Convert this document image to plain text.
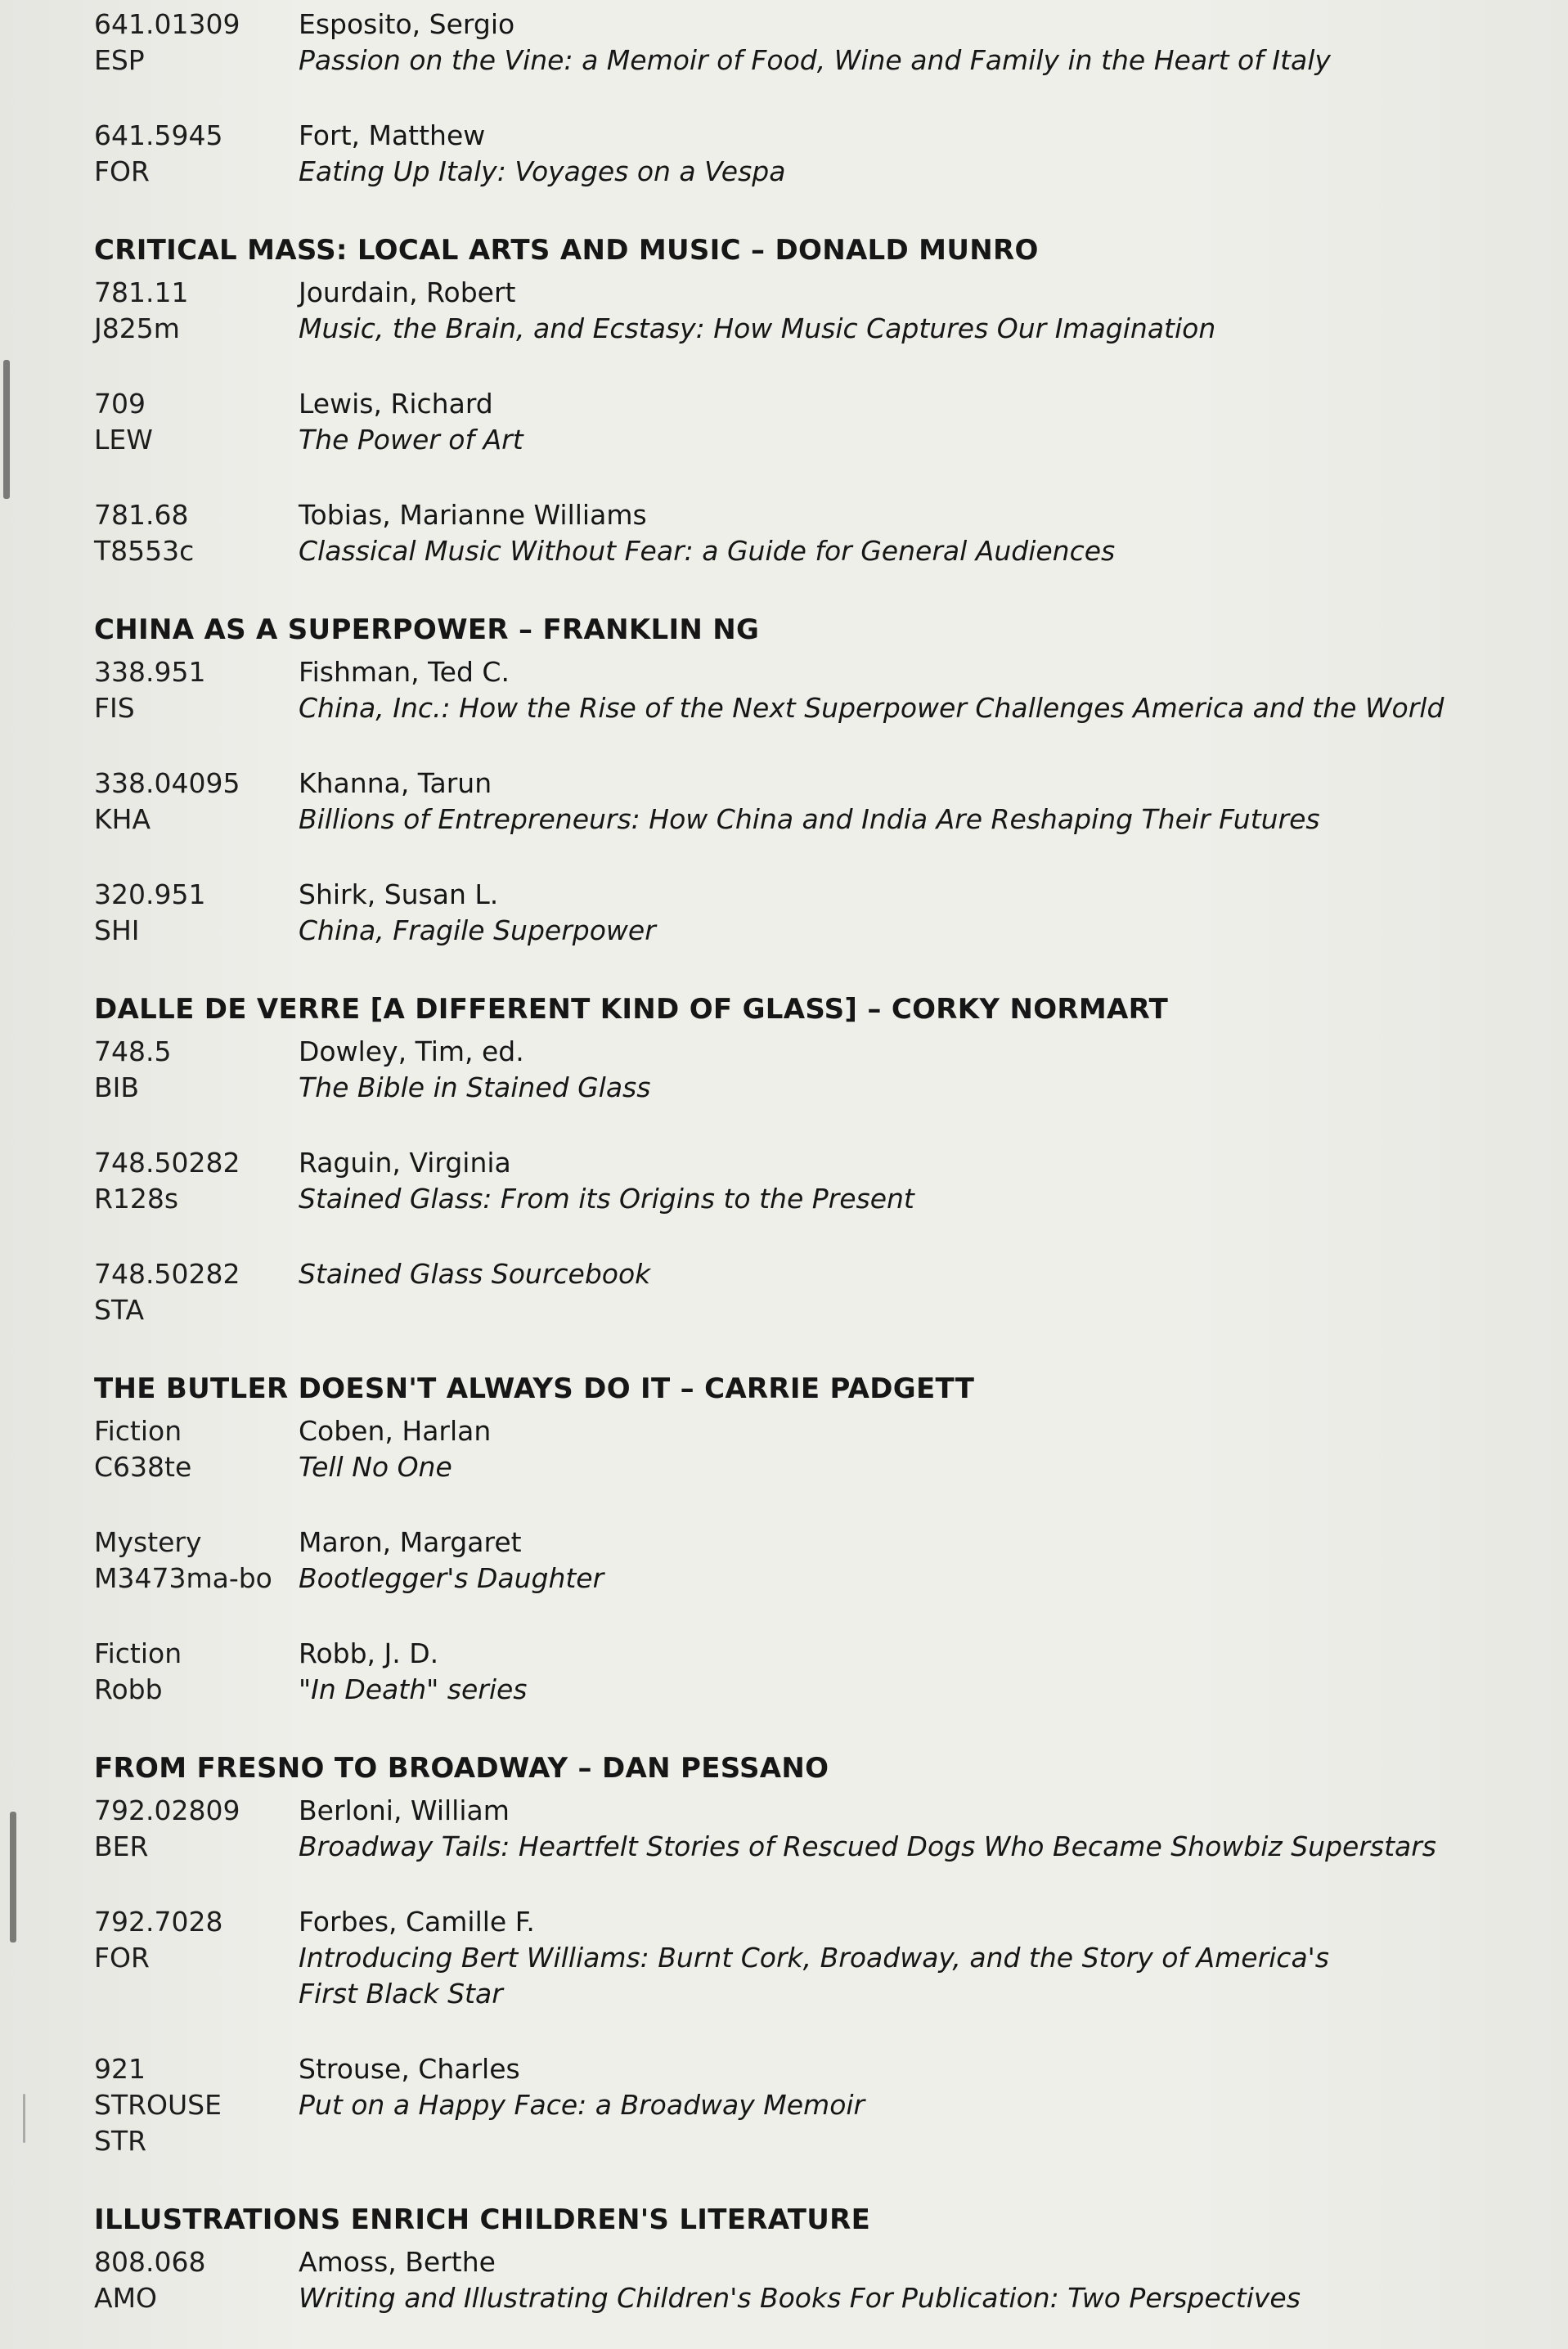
641.01309
ESP
Esposito, Sergio
Passion on the Vine: a Memoir of Food, Wine and Family in the Heart of Italy
641.5945
FOR
Fort, Matthew
Eating Up Italy: Voyages on a Vespa
CRITICAL MASS: LOCAL ARTS AND MUSIC – DONALD MUNRO
781.11
J825m
Jourdain, Robert
Music, the Brain, and Ecstasy: How Music Captures Our Imagination
709
LEW
Lewis, Richard
The Power of Art
781.68
T8553c
Tobias, Marianne Williams
Classical Music Without Fear: a Guide for General Audiences
CHINA AS A SUPERPOWER – FRANKLIN NG
338.951
FIS
Fishman, Ted C.
China, Inc.: How the Rise of the Next Superpower Challenges America and the World
338.04095
KHA
Khanna, Tarun
Billions of Entrepreneurs: How China and India Are Reshaping Their Futures
320.951
SHI
Shirk, Susan L.
China, Fragile Superpower
DALLE DE VERRE [A DIFFERENT KIND OF GLASS] – CORKY NORMART
748.5
BIB
Dowley, Tim, ed.
The Bible in Stained Glass
748.50282
R128s
Raguin, Virginia
Stained Glass: From its Origins to the Present
748.50282
STA
Stained Glass Sourcebook
THE BUTLER DOESN'T ALWAYS DO IT – CARRIE PADGETT
Fiction
C638te
Coben, Harlan
Tell No One
Mystery
M3473ma-bo
Maron, Margaret
Bootlegger's Daughter
Fiction
Robb
Robb, J. D.
"In Death" series
FROM FRESNO TO BROADWAY – DAN PESSANO
792.02809
BER
Berloni, William
Broadway Tails: Heartfelt Stories of Rescued Dogs Who Became Showbiz Superstars
792.7028
FOR
Forbes, Camille F.
Introducing Bert Williams: Burnt Cork, Broadway, and the Story of America's
First Black Star
921
STROUSE
STR
Strouse, Charles
Put on a Happy Face: a Broadway Memoir
ILLUSTRATIONS ENRICH CHILDREN'S LITERATURE
808.068
AMO
Amoss, Berthe
Writing and Illustrating Children's Books For Publication: Two Perspectives
